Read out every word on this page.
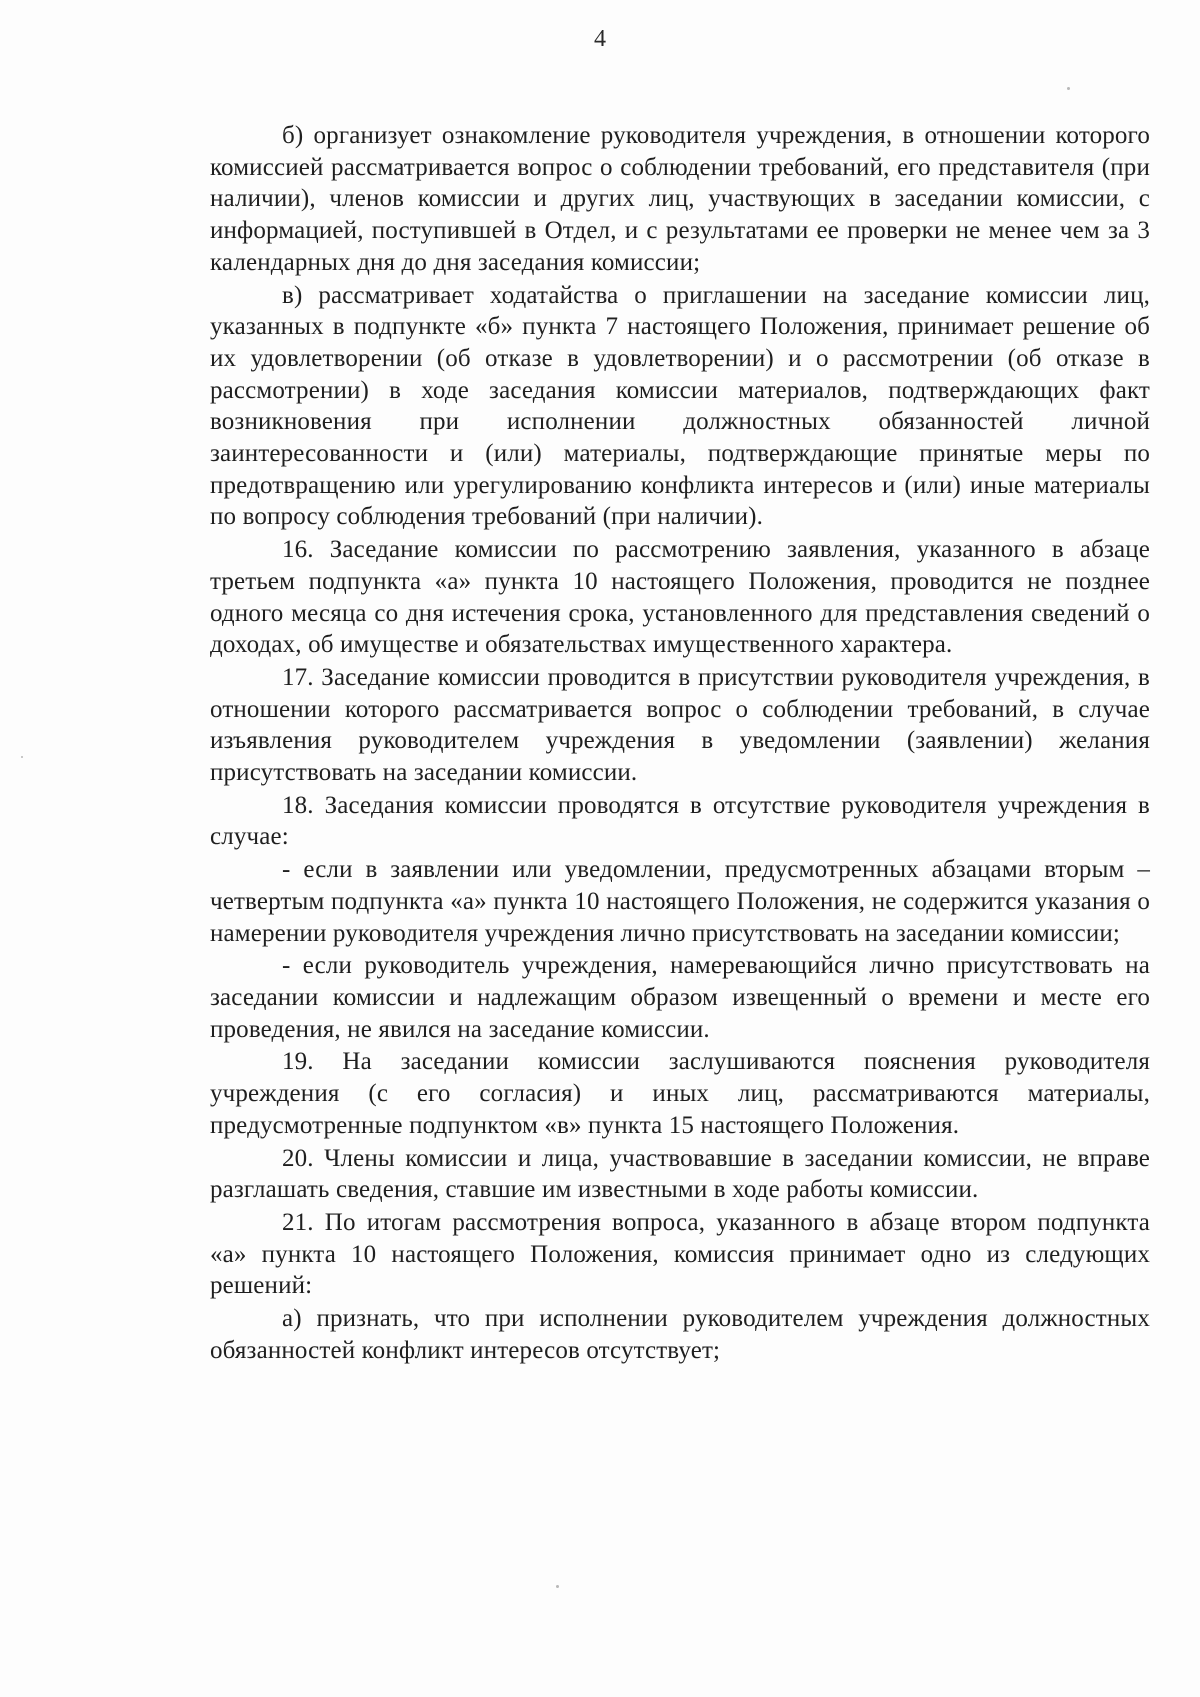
4

б) организует ознакомление руководителя учреждения, в отношении которого комиссией рассматривается вопрос о соблюдении требований, его представителя (при наличии), членов комиссии и других лиц, участвующих в заседании комиссии, с информацией, поступившей в Отдел, и с результатами ее проверки не менее чем за 3 календарных дня до дня заседания комиссии;

в) рассматривает ходатайства о приглашении на заседание комиссии лиц, указанных в подпункте «б» пункта 7 настоящего Положения, принимает решение об их удовлетворении (об отказе в удовлетворении) и о рассмотрении (об отказе в рассмотрении) в ходе заседания комиссии материалов, подтверждающих факт возникновения при исполнении должностных обязанностей личной заинтересованности и (или) материалы, подтверждающие принятые меры по предотвращению или урегулированию конфликта интересов и (или) иные материалы по вопросу соблюдения требований (при наличии).

16. Заседание комиссии по рассмотрению заявления, указанного в абзаце третьем подпункта «а» пункта 10 настоящего Положения, проводится не позднее одного месяца со дня истечения срока, установленного для представления сведений о доходах, об имуществе и обязательствах имущественного характера.

17. Заседание комиссии проводится в присутствии руководителя учреждения, в отношении которого рассматривается вопрос о соблюдении требований, в случае изъявления руководителем учреждения в уведомлении (заявлении) желания присутствовать на заседании комиссии.

18. Заседания комиссии проводятся в отсутствие руководителя учреждения в случае:

- если в заявлении или уведомлении, предусмотренных абзацами вторым – четвертым подпункта «а» пункта 10 настоящего Положения, не содержится указания о намерении руководителя учреждения лично присутствовать на заседании комиссии;

- если руководитель учреждения, намеревающийся лично присутствовать на заседании комиссии и надлежащим образом извещенный о времени и месте его проведения, не явился на заседание комиссии.

19. На заседании комиссии заслушиваются пояснения руководителя учреждения (с его согласия) и иных лиц, рассматриваются материалы, предусмотренные подпунктом «в» пункта 15 настоящего Положения.

20. Члены комиссии и лица, участвовавшие в заседании комиссии, не вправе разглашать сведения, ставшие им известными в ходе работы комиссии.

21. По итогам рассмотрения вопроса, указанного в абзаце втором подпункта «а» пункта 10 настоящего Положения, комиссия принимает одно из следующих решений:

а) признать, что при исполнении руководителем учреждения должностных обязанностей конфликт интересов отсутствует;
